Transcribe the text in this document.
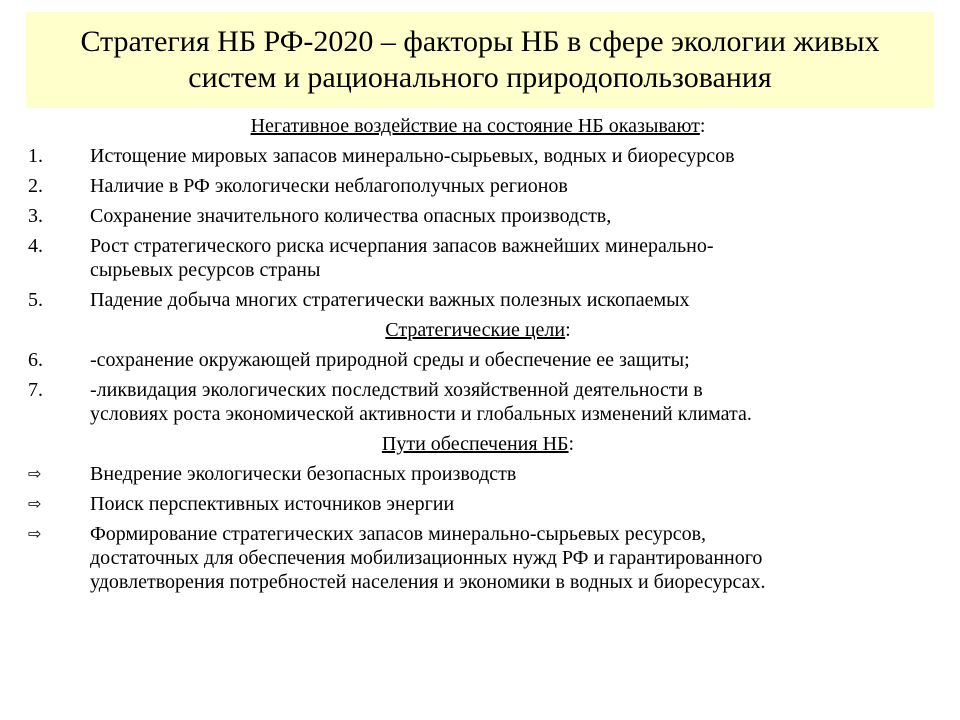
Стратегия НБ РФ-2020 – факторы НБ в сфере экологии живых
систем и рационального природопользования
Негативное воздействие на состояние НБ оказывают:
1.	Истощение мировых запасов минерально-сырьевых, водных и биоресурсов
2.	Наличие в РФ экологически неблагополучных регионов
3.	Сохранение значительного количества опасных производств,
4.	Рост стратегического риска исчерпания запасов важнейших минерально-
сырьевых ресурсов страны
5.	Падение добыча многих стратегически важных полезных ископаемых
Стратегические цели:
6.	-сохранение окружающей природной среды и обеспечение ее защиты;
7.	-ликвидация экологических последствий хозяйственной деятельности в
условиях роста экономической активности и глобальных изменений климата.
Пути обеспечения НБ:
⇨	Внедрение экологически безопасных производств
⇨	Поиск перспективных источников энергии
⇨	Формирование стратегических запасов минерально-сырьевых ресурсов,
достаточных для обеспечения мобилизационных нужд РФ и гарантированного
удовлетворения потребностей населения и экономики в водных и биоресурсах.
